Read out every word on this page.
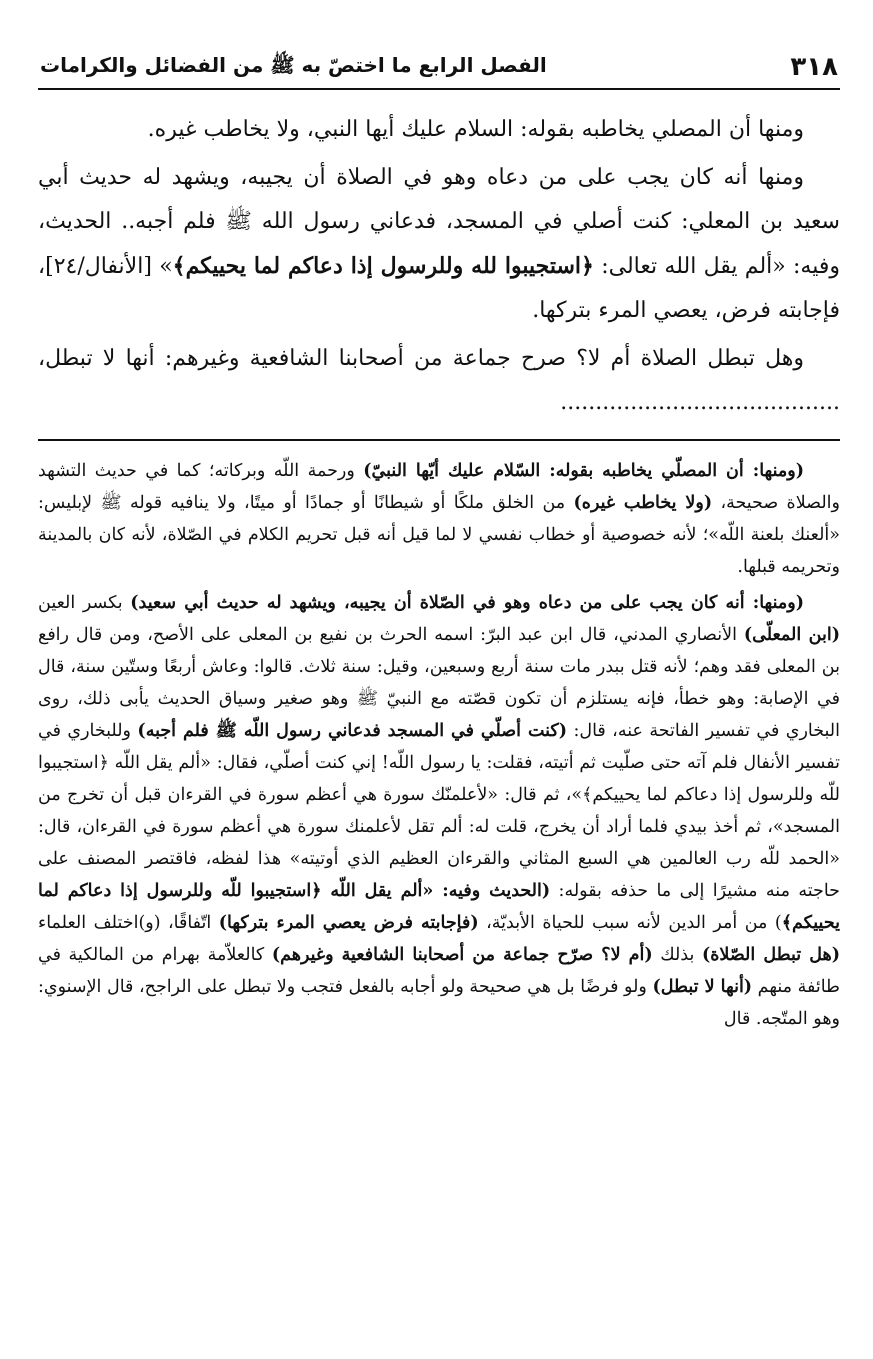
٣١٨
الفصل الرابع ما اختصّ به ﷺ من الفضائل والكرامات

ومنها أن المصلي يخاطبه بقوله: السلام عليك أيها النبي، ولا يخاطب غيره.

ومنها أنه كان يجب على من دعاه وهو في الصلاة أن يجيبه، ويشهد له حديث أبي سعيد بن المعلي: كنت أصلي في المسجد، فدعاني رسول الله ﷺ فلم أجبه.. الحديث، وفيه: «ألم يقل الله تعالى: ﴿استجيبوا لله وللرسول إذا دعاكم لما يحييكم﴾» [الأنفال/٢٤]، فإجابته فرض، يعصي المرء بتركها.

وهل تبطل الصلاة أم لا؟ صرح جماعة من أصحابنا الشافعية وغيرهم: أنها لا تبطل، ........................................

(ومنها: أن المصلّي يخاطبه بقوله: السّلام عليك أيّها النبيّ) ورحمة اللّه وبركاته؛ كما في حديث التشهد والصلاة صحيحة، (ولا يخاطب غيره) من الخلق ملكًا أو شيطانًا أو جمادًا أو ميتًا، ولا ينافيه قوله ﷺ لإبليس: «ألعنك بلعنة اللّه»؛ لأنه خصوصية أو خطاب نفسي لا لما قيل أنه قبل تحريم الكلام في الصّلاة، لأنه كان بالمدينة وتحريمه قبلها.

(ومنها: أنه كان يجب على من دعاه وهو في الصّلاة أن يجيبه، ويشهد له حديث أبي سعيد) بكسر العين (ابن المعلّى) الأنصاري المدني، قال ابن عبد البرّ: اسمه الحرث بن نفيع بن المعلى على الأصح، ومن قال رافع بن المعلى فقد وهم؛ لأنه قتل ببدر مات سنة أربع وسبعين، وقيل: سنة ثلاث. قالوا: وعاش أربعًا وستّين سنة، قال في الإصابة: وهو خطأ، فإنه يستلزم أن تكون قصّته مع النبيّ ﷺ وهو صغير وسياق الحديث يأبى ذلك، روى البخاري في تفسير الفاتحة عنه، قال: (كنت أصلّي في المسجد فدعاني رسول اللّه ﷺ فلم أجبه) وللبخاري في تفسير الأنفال فلم آته حتى صلّيت ثم أتيته، فقلت: يا رسول اللّه! إني كنت أصلّي، فقال: «ألم يقل اللّه ﴿استجيبوا للّه وللرسول إذا دعاكم لما يحييكم﴾»، ثم قال: «لأعلمنّك سورة هي أعظم سورة في القرءان قبل أن تخرج من المسجد»، ثم أخذ بيدي فلما أراد أن يخرج، قلت له: ألم تقل لأعلمنك سورة هي أعظم سورة في القرءان، قال: «الحمد للّه رب العالمين هي السبع المثاني والقرءان العظيم الذي أوتيته» هذا لفظه، فاقتصر المصنف على حاجته منه مشيرًا إلى ما حذفه بقوله: (الحديث وفيه: «ألم يقل اللّه ﴿استجيبوا للّه وللرسول إذا دعاكم لما يحييكم﴾) من أمر الدين لأنه سبب للحياة الأبديّة، (فإجابته فرض يعصي المرء بتركها) اتّفاقًا، (و)اختلف العلماء (هل تبطل الصّلاة) بذلك (أم لا؟ صرّح جماعة من أصحابنا الشافعية وغيرهم) كالعلاّمة بهرام من المالكية في طائفة منهم (أنها لا تبطل) ولو فرضًا بل هي صحيحة ولو أجابه بالفعل فتجب ولا تبطل على الراجح، قال الإسنوي: وهو المتّجه. قال
